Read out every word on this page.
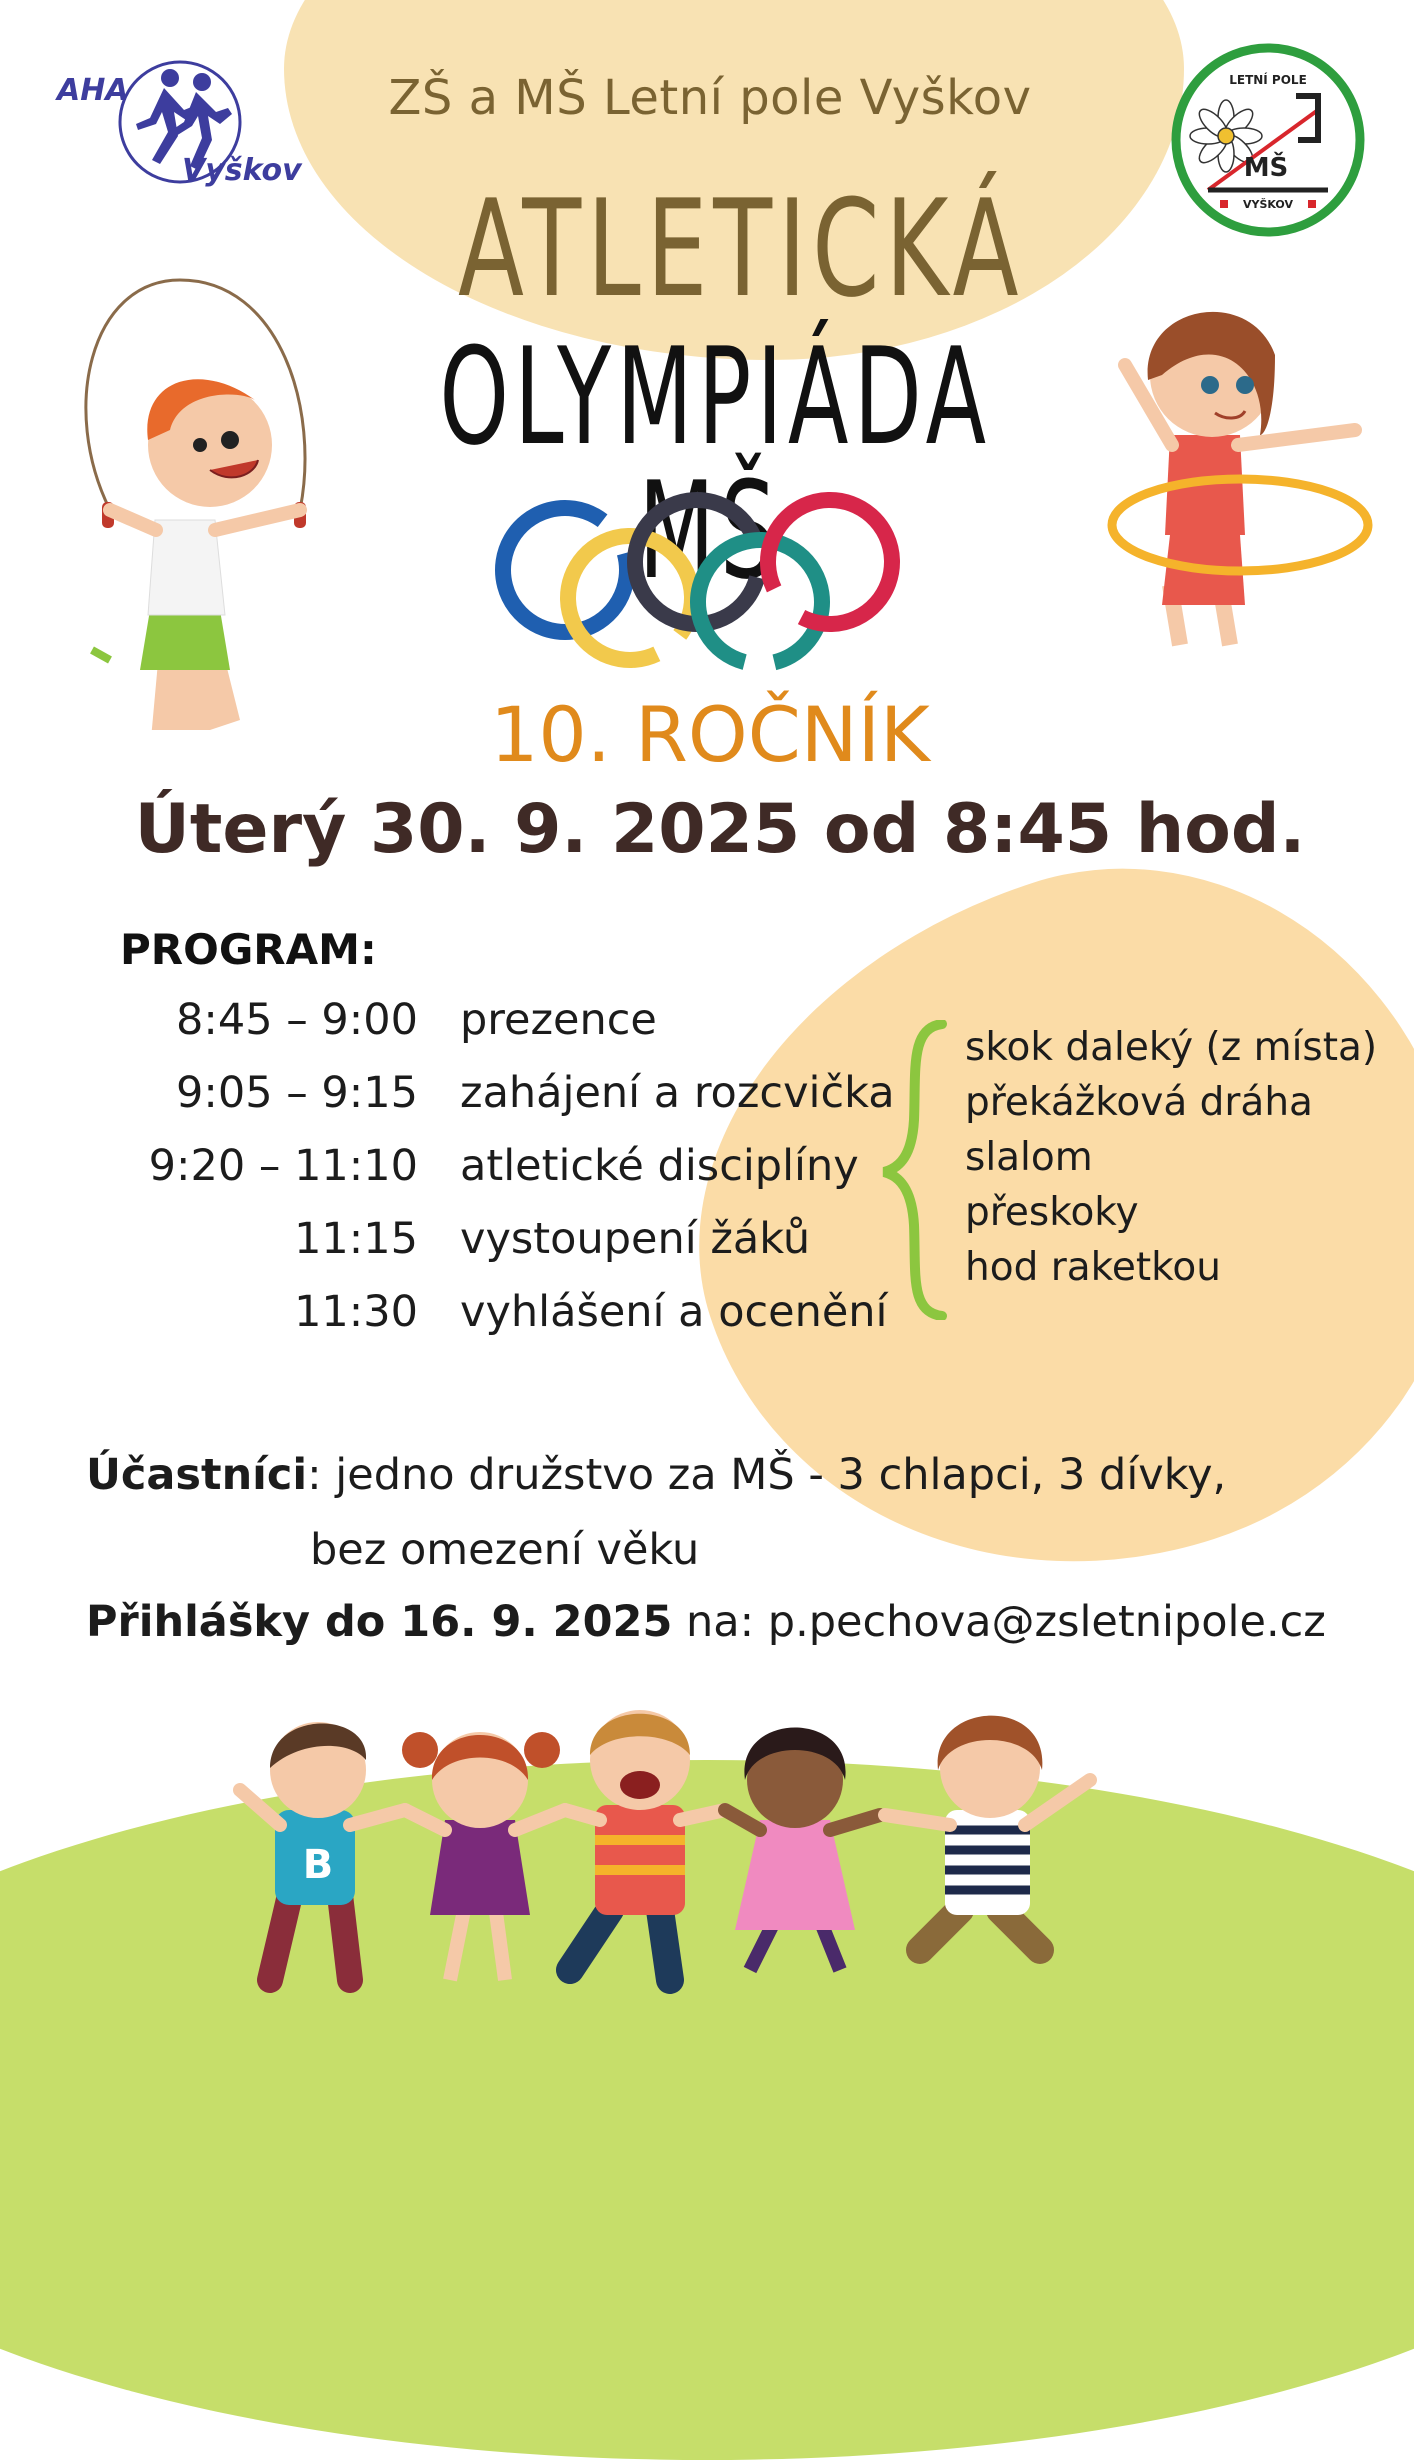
AHA
Vyškov
LETNÍ POLE
MŠ
VYŠKOV
ZŠ a MŠ Letní pole Vyškov
ATLETICKÁ
OLYMPIÁDA MŠ
10. ROČNÍK
Úterý 30. 9. 2025 od 8:45 hod.
PROGRAM:
8:45 – 9:00 prezence
9:05 – 9:15 zahájení a rozcvička
9:20 – 11:10 atletické disciplíny
11:15 vystoupení žáků
11:30 vyhlášení a ocenění
skok daleký (z místa)
překážková dráha
slalom
přeskoky
hod raketkou
Účastníci: jedno družstvo za MŠ - 3 chlapci, 3 dívky,
bez omezení věku
Přihlášky do 16. 9. 2025 na: p.pechova@zsletnipole.cz
B
